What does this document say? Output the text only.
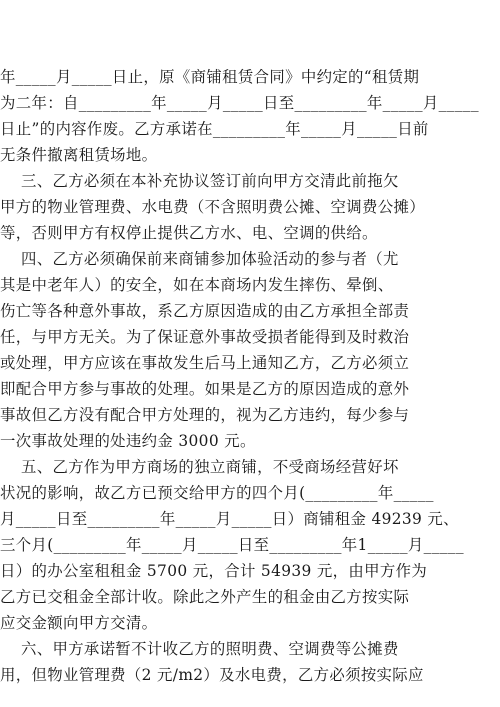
年_____月_____日止，原《商铺租赁合同》中约定的“租赁期
为二年：自_________年_____月_____日至_________年_____月_____
日止”的内容作废。乙方承诺在_________年_____月_____日前
无条件撤离租赁场地。
三、乙方必须在本补充协议签订前向甲方交清此前拖欠
甲方的物业管理费、水电费（不含照明费公摊、空调费公摊）
等，否则甲方有权停止提供乙方水、电、空调的供给。
四、乙方必须确保前来商铺参加体验活动的参与者（尤
其是中老年人）的安全，如在本商场内发生摔伤、晕倒、
伤亡等各种意外事故，系乙方原因造成的由乙方承担全部责
任，与甲方无关。为了保证意外事故受损者能得到及时救治
或处理，甲方应该在事故发生后马上通知乙方，乙方必须立
即配合甲方参与事故的处理。如果是乙方的原因造成的意外
事故但乙方没有配合甲方处理的，视为乙方违约，每少参与
一次事故处理的处违约金 3000 元。
五、乙方作为甲方商场的独立商铺，不受商场经营好坏
状况的影响，故乙方已预交给甲方的四个月(_________年_____
月_____日至_________年_____月_____日）商铺租金 49239 元、
三个月(_________年_____月_____日至_________年1_____月_____
日）的办公室租租金 5700 元，合计 54939 元，由甲方作为
乙方已交租金全部计收。除此之外产生的租金由乙方按实际
应交金额向甲方交清。
六、甲方承诺暂不计收乙方的照明费、空调费等公摊费
用，但物业管理费（2 元/m2）及水电费，乙方必须按实际应
